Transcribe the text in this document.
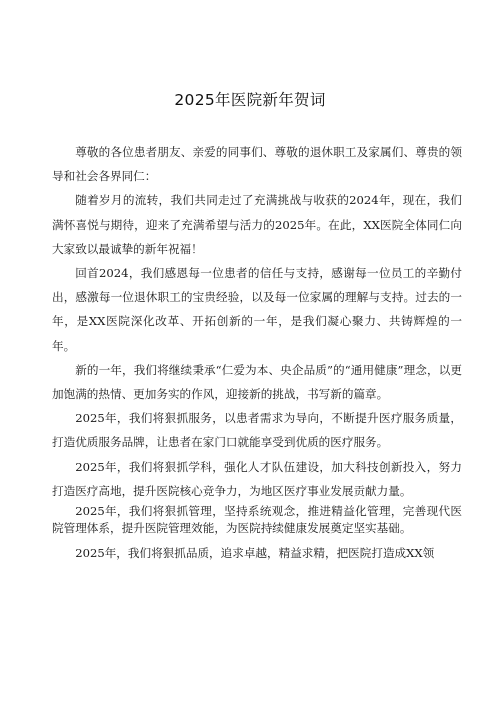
2025年医院新年贺词

尊敬的各位患者朋友、亲爱的同事们、尊敬的退休职工及家属们、尊贵的领导和社会各界同仁：

随着岁月的流转，我们共同走过了充满挑战与收获的2024年，现在，我们满怀喜悦与期待，迎来了充满希望与活力的2025年。在此，XX医院全体同仁向大家致以最诚挚的新年祝福！

回首2024，我们感恩每一位患者的信任与支持，感谢每一位员工的辛勤付出，感激每一位退休职工的宝贵经验，以及每一位家属的理解与支持。过去的一年，是XX医院深化改革、开拓创新的一年，是我们凝心聚力、共铸辉煌的一年。

新的一年，我们将继续秉承“仁爱为本、央企品质”的“通用健康”理念，以更加饱满的热情、更加务实的作风，迎接新的挑战，书写新的篇章。

2025年，我们将狠抓服务，以患者需求为导向，不断提升医疗服务质量，打造优质服务品牌，让患者在家门口就能享受到优质的医疗服务。

2025年，我们将狠抓学科，强化人才队伍建设，加大科技创新投入，努力打造医疗高地，提升医院核心竞争力，为地区医疗事业发展贡献力量。

2025年，我们将狠抓管理，坚持系统观念，推进精益化管理，完善现代医院管理体系，提升医院管理效能，为医院持续健康发展奠定坚实基础。

2025年，我们将狠抓品质，追求卓越，精益求精，把医院打造成XX领
